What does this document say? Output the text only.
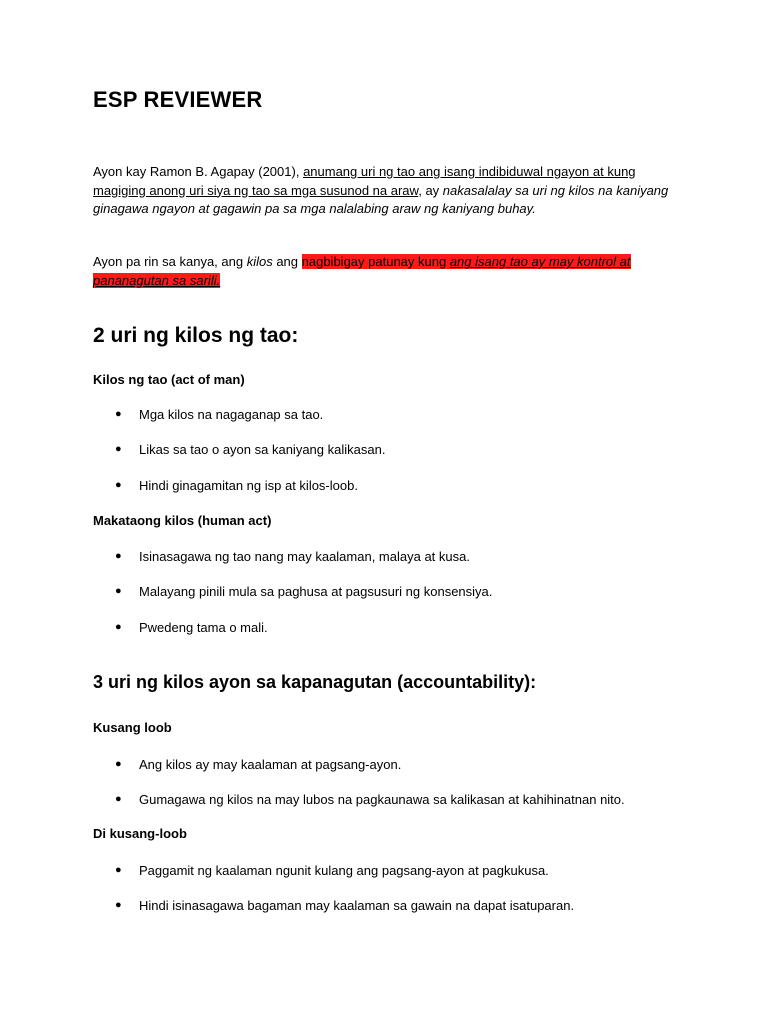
ESP REVIEWER

Ayon kay Ramon B. Agapay (2001), anumang uri ng tao ang isang indibiduwal ngayon at kung magiging anong uri siya ng tao sa mga susunod na araw, ay nakasalalay sa uri ng kilos na kaniyang ginagawa ngayon at gagawin pa sa mga nalalabing araw ng kaniyang buhay.

Ayon pa rin sa kanya, ang kilos ang nagbibigay patunay kung ang isang tao ay may kontrol at pananagutan sa sarili.

2 uri ng kilos ng tao:
Kilos ng tao (act of man)
● Mga kilos na nagaganap sa tao.
● Likas sa tao o ayon sa kaniyang kalikasan.
● Hindi ginagamitan ng isp at kilos-loob.
Makataong kilos (human act)
● Isinasagawa ng tao nang may kaalaman, malaya at kusa.
● Malayang pinili mula sa paghusa at pagsusuri ng konsensiya.
● Pwedeng tama o mali.
3 uri ng kilos ayon sa kapanagutan (accountability):
Kusang loob
● Ang kilos ay may kaalaman at pagsang-ayon.
● Gumagawa ng kilos na may lubos na pagkaunawa sa kalikasan at kahihinatnan nito.
Di kusang-loob
● Paggamit ng kaalaman ngunit kulang ang pagsang-ayon at pagkukusa.
● Hindi isinasagawa bagaman may kaalaman sa gawain na dapat isatuparan.
